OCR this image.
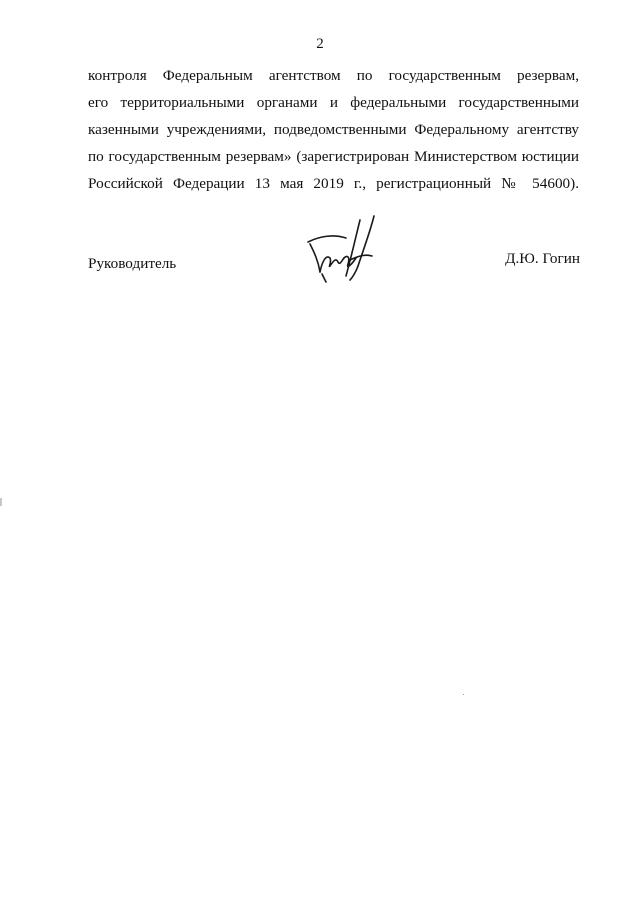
2
контроля Федеральным агентством по государственным резервам,
его территориальными органами и федеральными государственными
казенными учреждениями, подведомственными Федеральному агентству
по государственным резервам» (зарегистрирован Министерством юстиции
Российской Федерации 13 мая 2019 г., регистрационный № 54600).
Руководитель	Д.Ю. Гогин
